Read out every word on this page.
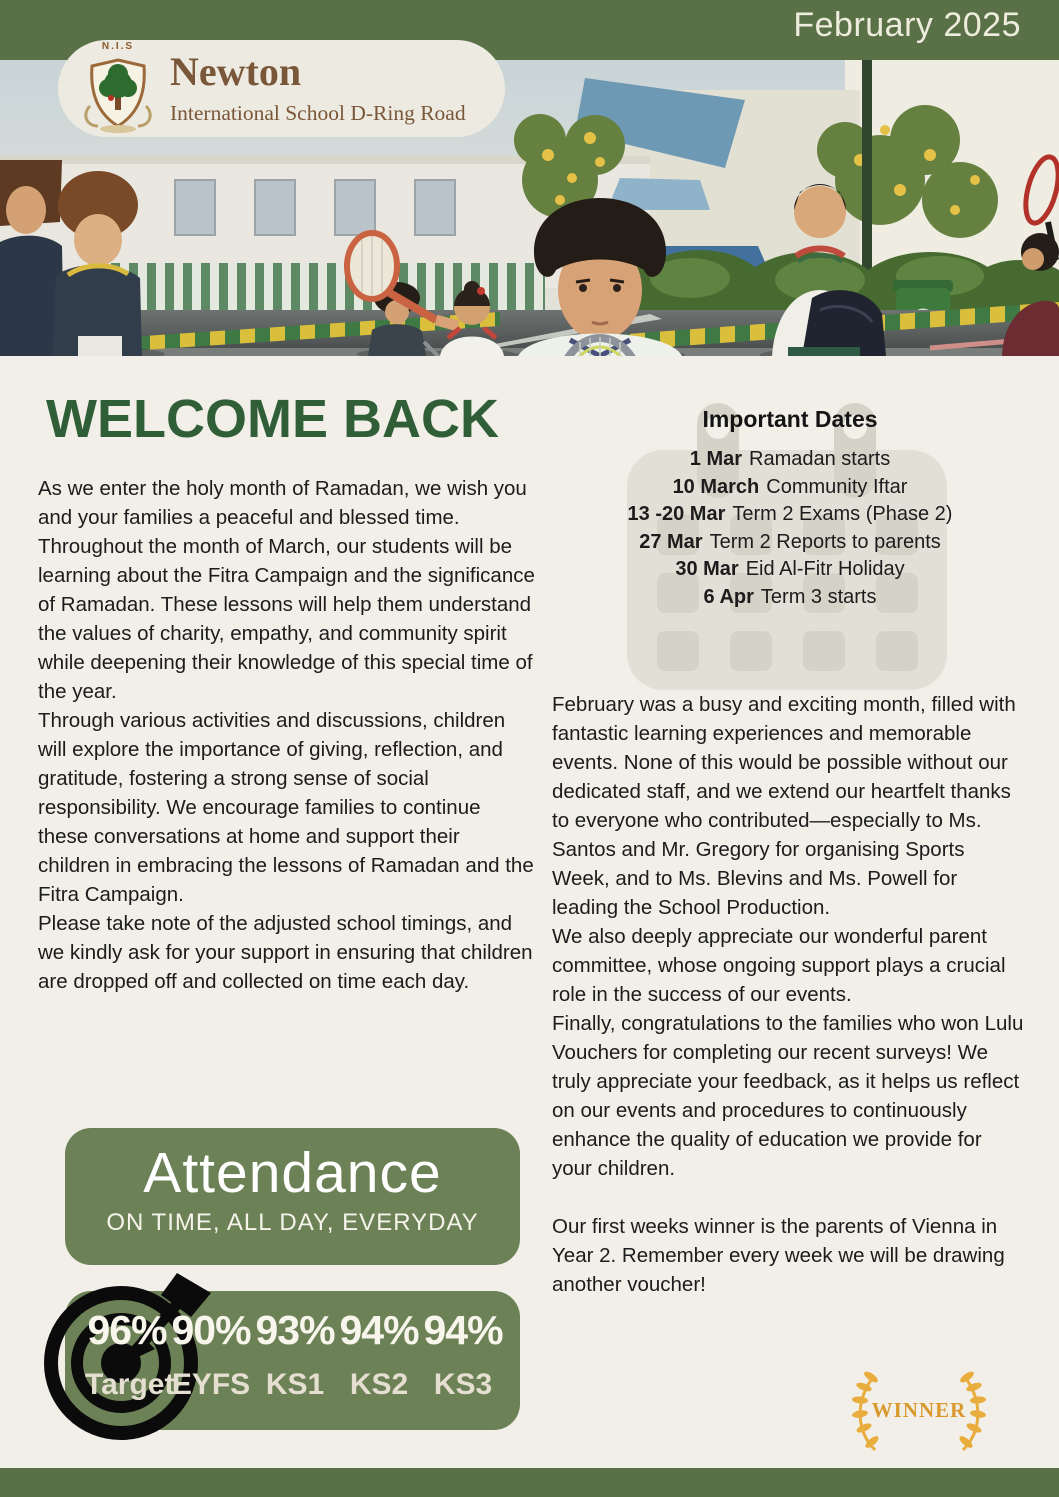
February 2025
N.I.S
Newton
International School D-Ring Road
WELCOME BACK

As we enter the holy month of Ramadan, we wish you and your families a peaceful and blessed time.

Throughout the month of March, our students will be learning about the Fitra Campaign and the significance of Ramadan. These lessons will help them understand the values of charity, empathy, and community spirit while deepening their knowledge of this special time of the year.

Through various activities and discussions, children will explore the importance of giving, reflection, and gratitude, fostering a strong sense of social responsibility. We encourage families to continue these conversations at home and support their children in embracing the lessons of Ramadan and the Fitra Campaign.

Please take note of the adjusted school timings, and we kindly ask for your support in ensuring that children are dropped off and collected on time each day.

Important Dates
1 Mar Ramadan starts
10 March Community Iftar
13 -20 Mar Term 2 Exams (Phase 2)
27 Mar Term 2 Reports to parents
30 Mar Eid Al-Fitr Holiday
6 Apr Term 3 starts

February was a busy and exciting month, filled with fantastic learning experiences and memorable events. None of this would be possible without our dedicated staff, and we extend our heartfelt thanks to everyone who contributed—especially to Ms. Santos and Mr. Gregory for organising Sports Week, and to Ms. Blevins and Ms. Powell for leading the School Production.

We also deeply appreciate our wonderful parent committee, whose ongoing support plays a crucial role in the success of our events.

Finally, congratulations to the families who won Lulu Vouchers for completing our recent surveys! We truly appreciate your feedback, as it helps us reflect on our events and procedures to continuously enhance the quality of education we provide for your children.

Our first weeks winner is the parents of Vienna in Year 2. Remember every week we will be drawing another voucher!

Attendance
ON TIME, ALL DAY, EVERYDAY
96%
Target
90%
EYFS
93%
KS1
94%
KS2
94%
KS3
WINNER
